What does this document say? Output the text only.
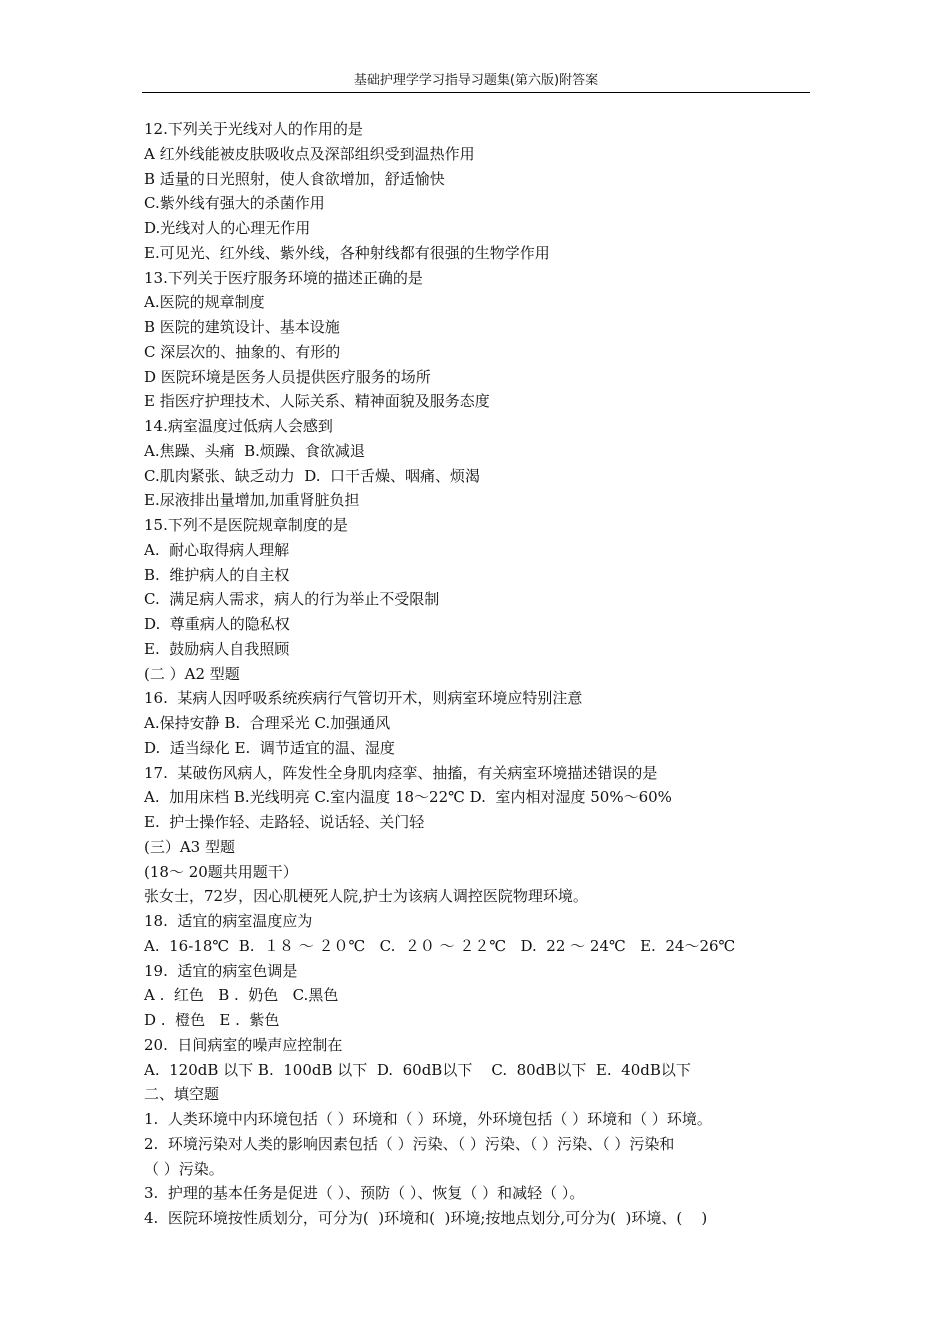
基础护理学学习指导习题集(第六版)附答案
12.下列关于光线对人的作用的是
A 红外线能被皮肤吸收点及深部组织受到温热作用
B 适量的日光照射，使人食欲增加，舒适愉快
C.紫外线有强大的杀菌作用
D.光线对人的心理无作用
E.可见光、红外线、紫外线，各种射线都有很强的生物学作用
13.下列关于医疗服务环境的描述正确的是
A.医院的规章制度
B 医院的建筑设计、基本设施
C 深层次的、抽象的、有形的
D 医院环境是医务人员提供医疗服务的场所
E 指医疗护理技术、人际关系、精神面貌及服务态度
14.病室温度过低病人会感到
A.焦躁、头痛  B.烦躁、食欲减退
C.肌肉紧张、缺乏动力  D.  口干舌燥、咽痛、烦渴
E.尿液排出量增加,加重肾脏负担
15.下列不是医院规章制度的是
A.  耐心取得病人理解
B.  维护病人的自主权
C.  满足病人需求，病人的行为举止不受限制
D.  尊重病人的隐私权
E.  鼓励病人自我照顾
(二 ）A2 型题
16.  某病人因呼吸系统疾病行气管切开术，则病室环境应特别注意
A.保持安静 B.  合理采光 C.加强通风
D.  适当绿化 E.  调节适宜的温、湿度
17.  某破伤风病人，阵发性全身肌肉痉挛、抽搐，有关病室环境描述错误的是
A.  加用床档 B.光线明亮 C.室内温度 18～22℃ D.  室内相对湿度 50%～60%
E.  护士操作轻、走路轻、说话轻、关门轻
(三）A3 型题
(18～ 20题共用题干）
张女士，72岁，因心肌梗死人院,护士为该病人调控医院物理环境。
18.  适宜的病室温度应为
A.  16-18℃  B.  １８ ～ ２０℃   C.  ２０ ～ ２２℃   D.  22 ～ 24℃   E.  24～26℃
19.  适宜的病室色调是
A .  红色   B .  奶色   C.黑色
D .  橙色   E .  紫色
20.  日间病室的噪声应控制在
A.  120dB 以下 B.  100dB 以下  D.  60dB以下    C.  80dB以下  E.  40dB以下
二、填空题
1.  人类环境中内环境包括（ ）环境和（ ）环境，外环境包括（ ）环境和（ ）环境。
2.  环境污染对人类的影响因素包括（ ）污染、（ ）污染、（ ）污染、（ ）污染和
（ ）污染。
3.  护理的基本任务是促进（ ）、预防（ ）、恢复（ ）和减轻（ ）。
4.  医院环境按性质划分，可分为(  )环境和(  )环境;按地点划分,可分为(  )环境、(    )
